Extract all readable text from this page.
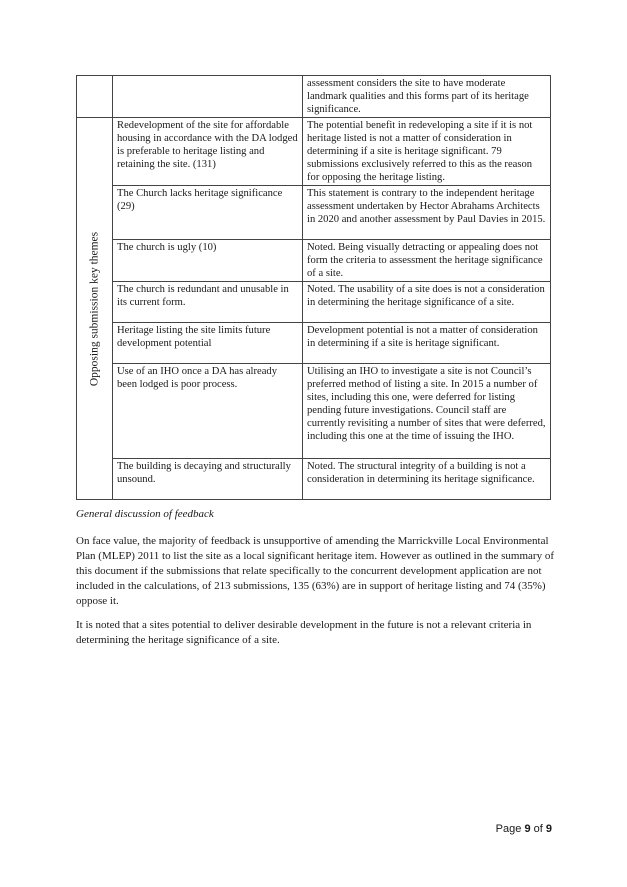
		assessment considers the site to have moderate landmark qualities and this forms part of its heritage significance.

Opposing submission key themes	Redevelopment of the site for affordable housing in accordance with the DA lodged is preferable to heritage listing and retaining the site. (131)	The potential benefit in redeveloping a site if it is not heritage listed is not a matter of consideration in determining if a site is heritage significant. 79 submissions exclusively referred to this as the reason for opposing the heritage listing.
	The Church lacks heritage significance (29)	This statement is contrary to the independent heritage assessment undertaken by Hector Abrahams Architects in 2020 and another assessment by Paul Davies in 2015.
	The church is ugly (10)	Noted. Being visually detracting or appealing does not form the criteria to assessment the heritage significance of a site.
	The church is redundant and unusable in its current form.	Noted. The usability of a site does is not a consideration in determining the heritage significance of a site.
	Heritage listing the site limits future development potential	Development potential is not a matter of consideration in determining if a site is heritage significant.
	Use of an IHO once a DA has already been lodged is poor process.	Utilising an IHO to investigate a site is not Council’s preferred method of listing a site. In 2015 a number of sites, including this one, were deferred for listing pending future investigations. Council staff are currently revisiting a number of sites that were deferred, including this one at the time of issuing the IHO.
	The building is decaying and structurally unsound.	Noted. The structural integrity of a building is not a consideration in determining its heritage significance.
General discussion of feedback

On face value, the majority of feedback is unsupportive of amending the Marrickville Local Environmental Plan (MLEP) 2011 to list the site as a local significant heritage item. However as outlined in the summary of this document if the submissions that relate specifically to the concurrent development application are not included in the calculations, of 213 submissions, 135 (63%) are in support of heritage listing and 74 (35%) oppose it.

It is noted that a sites potential to deliver desirable development in the future is not a relevant criteria in determining the heritage significance of a site.

Page 9 of 9
